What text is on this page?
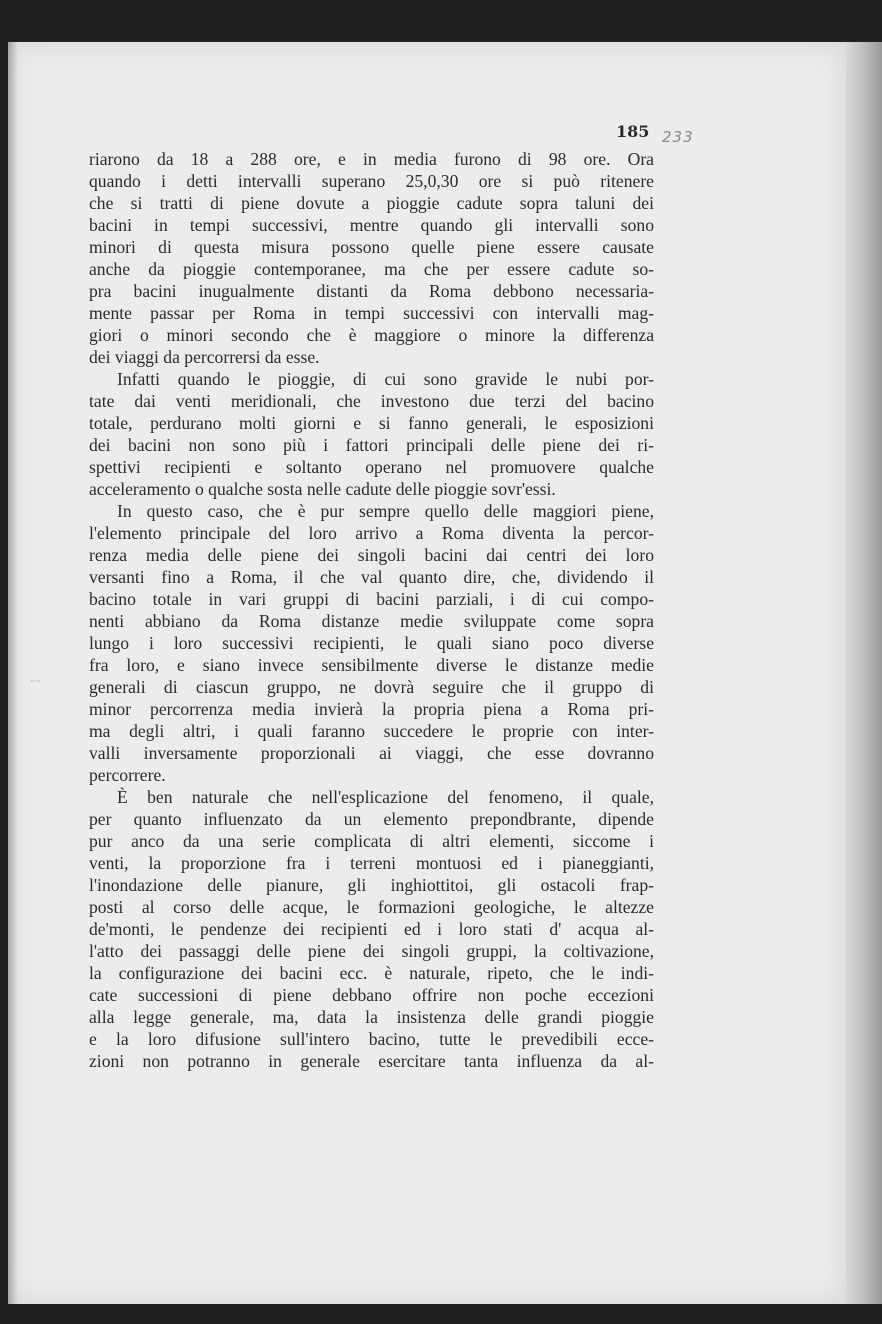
185 233
-·-
riarono da 18 a 288 ore, e in media furono di 98 ore. Ora
quando i detti intervalli superano 25,0,30 ore si può ritenere
che si tratti di piene dovute a pioggie cadute sopra taluni dei
bacini in tempi successivi, mentre quando gli intervalli sono
minori di questa misura possono quelle piene essere causate
anche da pioggie contemporanee, ma che per essere cadute so-
pra bacini inugualmente distanti da Roma debbono necessaria-
mente passar per Roma in tempi successivi con intervalli mag-
giori o minori secondo che è maggiore o minore la differenza
dei viaggi da percorrersi da esse.
Infatti quando le pioggie, di cui sono gravide le nubi por-
tate dai venti meridionali, che investono due terzi del bacino
totale, perdurano molti giorni e si fanno generali, le esposizioni
dei bacini non sono più i fattori principali delle piene dei ri-
spettivi recipienti e soltanto operano nel promuovere qualche
acceleramento o qualche sosta nelle cadute delle pioggie sovr'essi.
In questo caso, che è pur sempre quello delle maggiori piene,
l'elemento principale del loro arrivo a Roma diventa la percor-
renza media delle piene dei singoli bacini dai centri dei loro
versanti fino a Roma, il che val quanto dire, che, dividendo il
bacino totale in vari gruppi di bacini parziali, i di cui compo-
nenti abbiano da Roma distanze medie sviluppate come sopra
lungo i loro successivi recipienti, le quali siano poco diverse
fra loro, e siano invece sensibilmente diverse le distanze medie
generali di ciascun gruppo, ne dovrà seguire che il gruppo di
minor percorrenza media invierà la propria piena a Roma pri-
ma degli altri, i quali faranno succedere le proprie con inter-
valli inversamente proporzionali ai viaggi, che esse dovranno
percorrere.
È ben naturale che nell'esplicazione del fenomeno, il quale,
per quanto influenzato da un elemento prepondbrante, dipende
pur anco da una serie complicata di altri elementi, siccome i
venti, la proporzione fra i terreni montuosi ed i pianeggianti,
l'inondazione delle pianure, gli inghiottitoi, gli ostacoli frap-
posti al corso delle acque, le formazioni geologiche, le altezze
de'monti, le pendenze dei recipienti ed i loro stati d' acqua al-
l'atto dei passaggi delle piene dei singoli gruppi, la coltivazione,
la configurazione dei bacini ecc. è naturale, ripeto, che le indi-
cate successioni di piene debbano offrire non poche eccezioni
alla legge generale, ma, data la insistenza delle grandi pioggie
e la loro difusione sull'intero bacino, tutte le prevedibili ecce-
zioni non potranno in generale esercitare tanta influenza da al-
